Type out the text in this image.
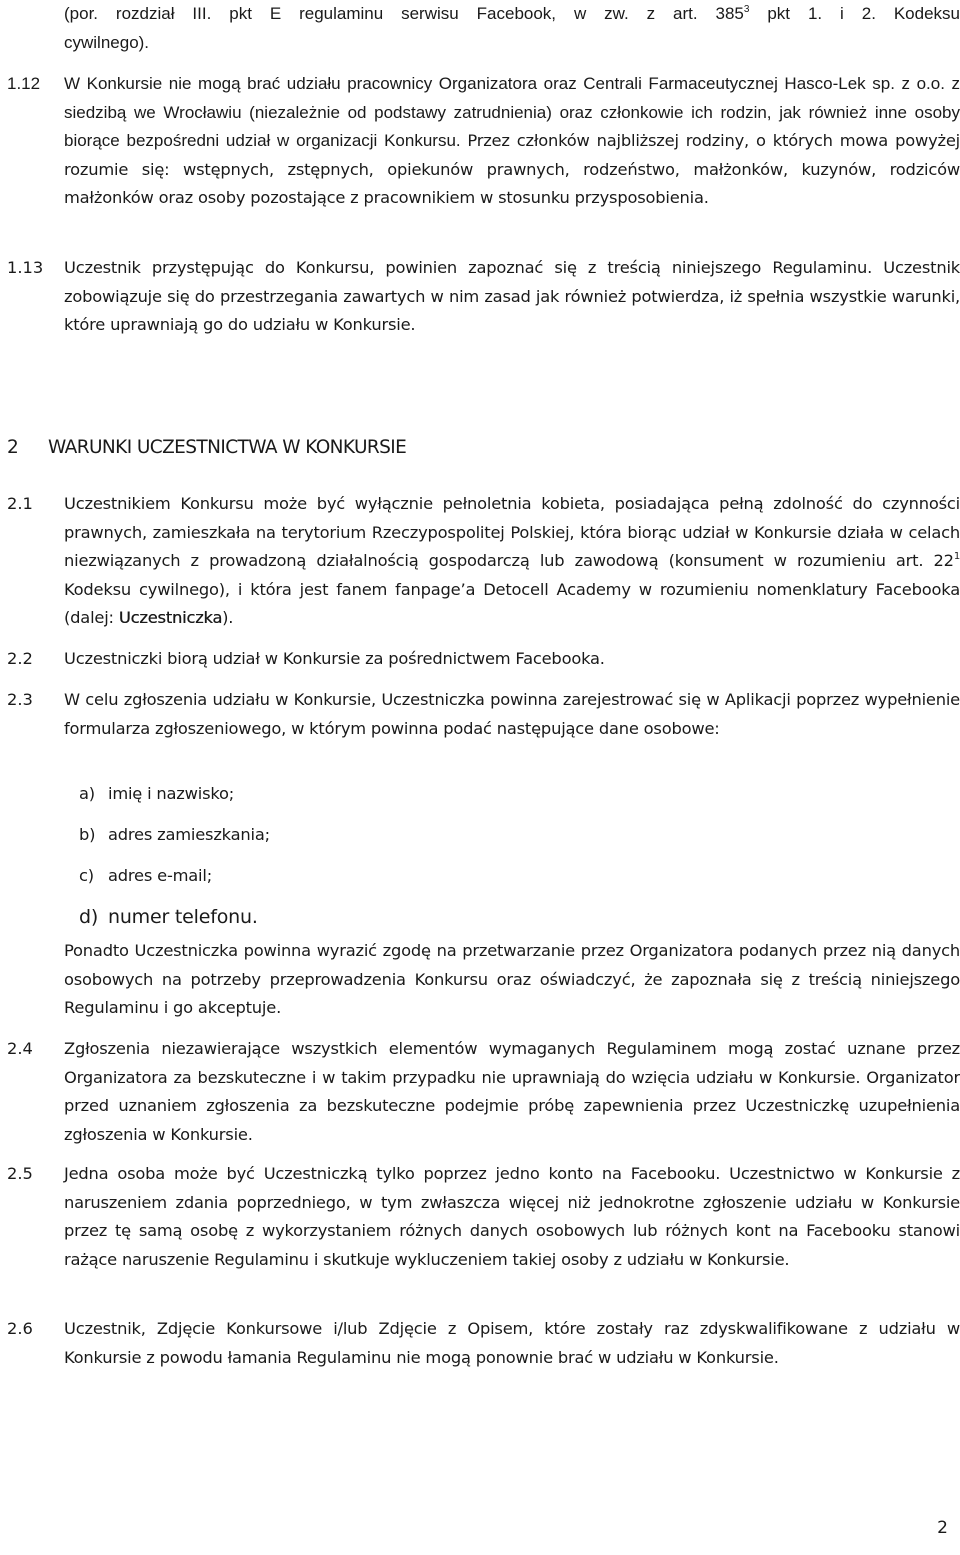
(por. rozdział III. pkt E regulaminu serwisu Facebook, w zw. z art. $385^3$ pkt 1. i 2. Kodeksu
cywilnego).
1.12 W Konkursie nie mogą brać udziału pracownicy Organizatora oraz Centrali Farmaceutycznej Hasco-Lek sp. z o.o. z siedzibą we Wrocławiu (niezależnie od podstawy zatrudnienia) oraz członkowie ich rodzin, jak również inne osoby biorące bezpośredni udział w organizacji Konkursu. Przez członków najbliższej rodziny, o których mowa powyżej rozumie się: wstępnych, zstępnych, opiekunów prawnych, rodzeństwo, małżonków, kuzynów, rodziców małżonków oraz osoby pozostające z pracownikiem w stosunku przysposobienia.
1.13 Uczestnik przystępując do Konkursu, powinien zapoznać się z treścią niniejszego Regulaminu. Uczestnik zobowiązuje się do przestrzegania zawartych w nim zasad jak również potwierdza, iż spełnia wszystkie warunki, które uprawniają go do udziału w Konkursie.
2 WARUNKI UCZESTNICTWA W KONKURSIE
2.1 Uczestnikiem Konkursu może być wyłącznie pełnoletnia kobieta, posiadająca pełną zdolność do czynności prawnych, zamieszkała na terytorium Rzeczypospolitej Polskiej, która biorąc udział w Konkursie działa w celach niezwiązanych z prowadzoną działalnością gospodarczą lub zawodową (konsument w rozumieniu art. $22^1$ Kodeksu cywilnego), i która jest fanem fanpage’a Detocell Academy w rozumieniu nomenklatury Facebooka (dalej: Uczestniczka).
2.2 Uczestniczki biorą udział w Konkursie za pośrednictwem Facebooka.
2.3 W celu zgłoszenia udziału w Konkursie, Uczestniczka powinna zarejestrować się w Aplikacji poprzez wypełnienie formularza zgłoszeniowego, w którym powinna podać następujące dane osobowe:
a) imię i nazwisko;
b) adres zamieszkania;
c) adres e-mail;
d) numer telefonu.
Ponadto Uczestniczka powinna wyrazić zgodę na przetwarzanie przez Organizatora podanych przez nią danych osobowych na potrzeby przeprowadzenia Konkursu oraz oświadczyć, że zapoznała się z treścią niniejszego Regulaminu i go akceptuje.
2.4 Zgłoszenia niezawierające wszystkich elementów wymaganych Regulaminem mogą zostać uznane przez Organizatora za bezskuteczne i w takim przypadku nie uprawniają do wzięcia udziału w Konkursie. Organizator przed uznaniem zgłoszenia za bezskuteczne podejmie próbę zapewnienia przez Uczestniczkę uzupełnienia zgłoszenia w Konkursie.
2.5 Jedna osoba może być Uczestniczką tylko poprzez jedno konto na Facebooku. Uczestnictwo w Konkursie z naruszeniem zdania poprzedniego, w tym zwłaszcza więcej niż jednokrotne zgłoszenie udziału w Konkursie przez tę samą osobę z wykorzystaniem różnych danych osobowych lub różnych kont na Facebooku stanowi rażące naruszenie Regulaminu i skutkuje wykluczeniem takiej osoby z udziału w Konkursie.
2.6 Uczestnik, Zdjęcie Konkursowe i/lub Zdjęcie z Opisem, które zostały raz zdyskwalifikowane z udziału w Konkursie z powodu łamania Regulaminu nie mogą ponownie brać w udziału w Konkursie.
2
